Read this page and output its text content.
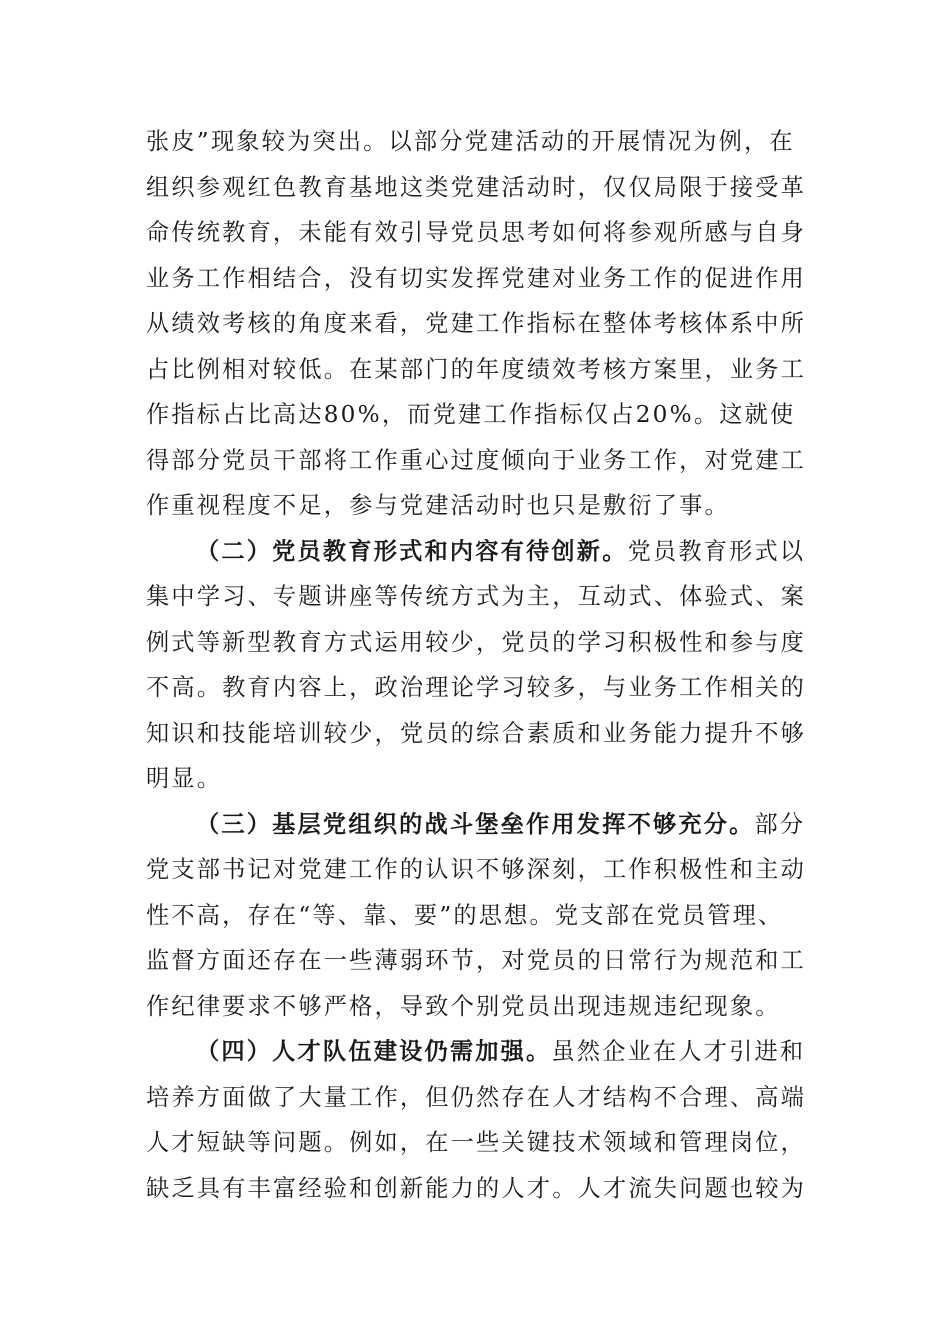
张皮”现象较为突出。以部分党建活动的开展情况为例，在
组织参观红色教育基地这类党建活动时，仅仅局限于接受革
命传统教育，未能有效引导党员思考如何将参观所感与自身
业务工作相结合，没有切实发挥党建对业务工作的促进作用
从绩效考核的角度来看，党建工作指标在整体考核体系中所
占比例相对较低。在某部门的年度绩效考核方案里，业务工
作指标占比高达80%，而党建工作指标仅占20%。这就使
得部分党员干部将工作重心过度倾向于业务工作，对党建工
作重视程度不足，参与党建活动时也只是敷衍了事。
（二）党员教育形式和内容有待创新。党员教育形式以
集中学习、专题讲座等传统方式为主，互动式、体验式、案
例式等新型教育方式运用较少，党员的学习积极性和参与度
不高。教育内容上，政治理论学习较多，与业务工作相关的
知识和技能培训较少，党员的综合素质和业务能力提升不够
明显。
（三）基层党组织的战斗堡垒作用发挥不够充分。部分
党支部书记对党建工作的认识不够深刻，工作积极性和主动
性不高，存在“等、靠、要”的思想。党支部在党员管理、
监督方面还存在一些薄弱环节，对党员的日常行为规范和工
作纪律要求不够严格，导致个别党员出现违规违纪现象。
（四）人才队伍建设仍需加强。虽然企业在人才引进和
培养方面做了大量工作，但仍然存在人才结构不合理、高端
人才短缺等问题。例如，在一些关键技术领域和管理岗位，
缺乏具有丰富经验和创新能力的人才。人才流失问题也较为
